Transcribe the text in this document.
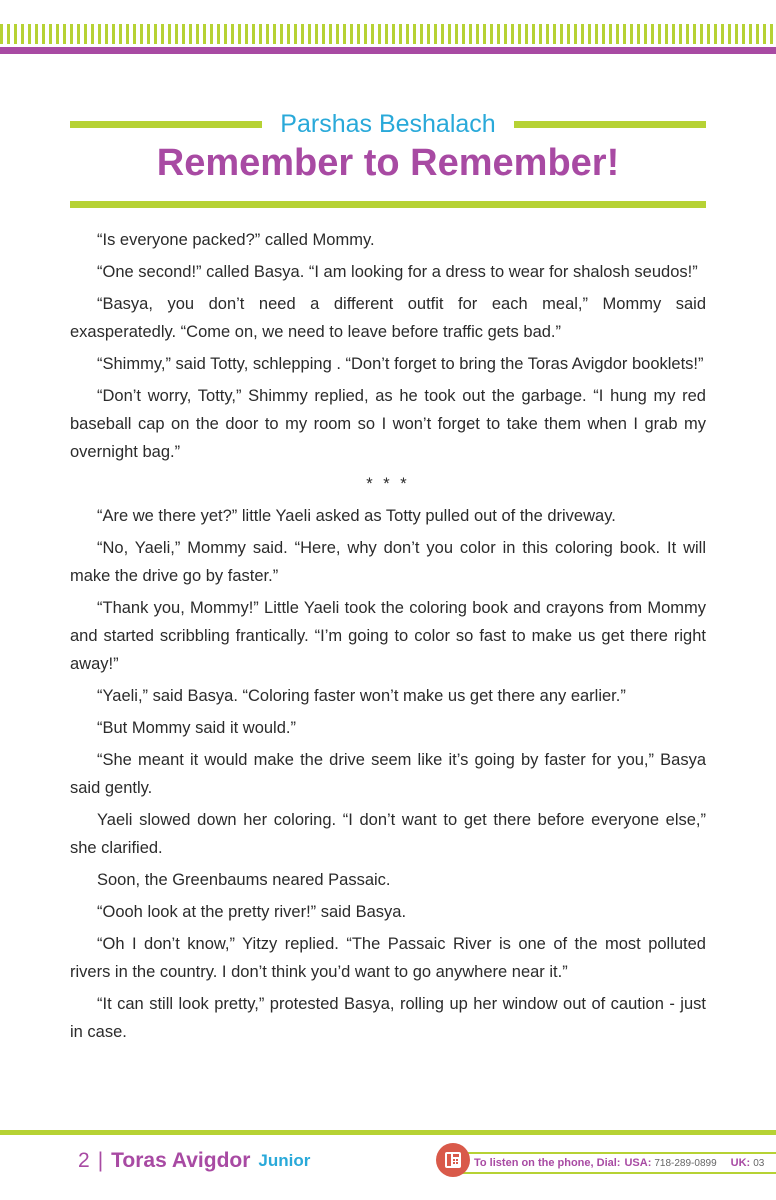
Parshas Beshalach
Remember to Remember!

“Is everyone packed?” called Mommy.

“One second!” called Basya. “I am looking for a dress to wear for shalosh seudos!”

“Basya, you don’t need a different outfit for each meal,” Mommy said exasperatedly. “Come on, we need to leave before traffic gets bad.”

“Shimmy,” said Totty, schlepping . “Don’t forget to bring the Toras Avigdor booklets!”

“Don’t worry, Totty,” Shimmy replied, as he took out the garbage. “I hung my red baseball cap on the door to my room so I won’t forget to take them when I grab my overnight bag.”

* * *

“Are we there yet?” little Yaeli asked as Totty pulled out of the driveway.

“No, Yaeli,” Mommy said. “Here, why don’t you color in this coloring book. It will make the drive go by faster.”

“Thank you, Mommy!” Little Yaeli took the coloring book and crayons from Mommy and started scribbling frantically. “I’m going to color so fast to make us get there right away!”

“Yaeli,” said Basya. “Coloring faster won’t make us get there any earlier.”

“But Mommy said it would.”

“She meant it would make the drive seem like it’s going by faster for you,” Basya said gently.

Yaeli slowed down her coloring. “I don’t want to get there before everyone else,” she clarified.

Soon, the Greenbaums neared Passaic.

“Oooh look at the pretty river!” said Basya.

“Oh I don’t know,” Yitzy replied. “The Passaic River is one of the most polluted rivers in the country. I don’t think you’d want to go anywhere near it.”

“It can still look pretty,” protested Basya, rolling up her window out of caution - just in case.

2 | Toras Avigdor Junior	To listen on the phone, Dial: USA: 718-289-0899 UK: 03
